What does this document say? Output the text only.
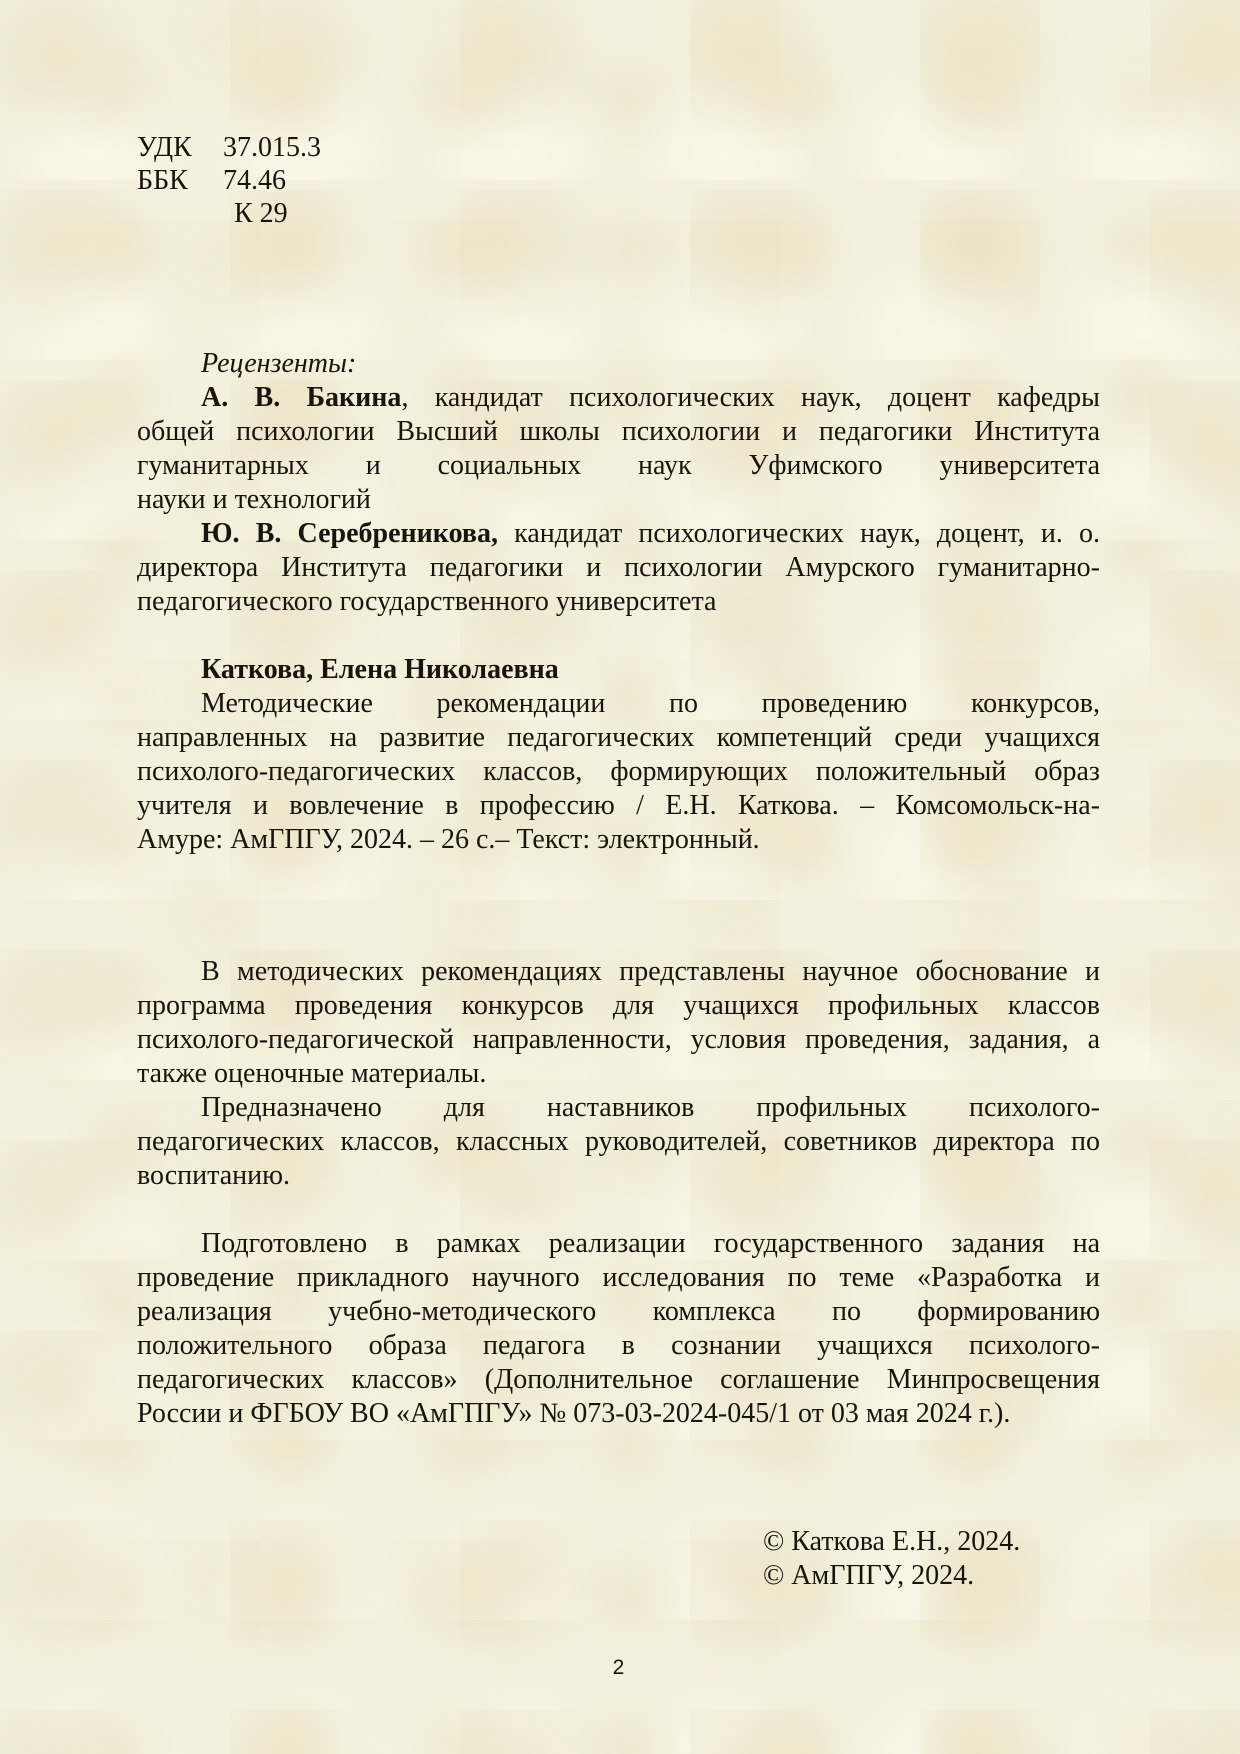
УДК	37.015.3
ББК	74.46
К 29
Рецензенты:
А. В. Бакина, кандидат психологических наук, доцент кафедры
общей психологии Высший школы психологии и педагогики Института
гуманитарных и социальных наук Уфимского университета
науки и технологий
Ю. В. Серебреникова, кандидат психологических наук, доцент, и. о.
директора Института педагогики и психологии Амурского гуманитарно-
педагогического государственного университета
Каткова, Елена Николаевна
Методические рекомендации по проведению конкурсов,
направленных на развитие педагогических компетенций среди учащихся
психолого-педагогических классов, формирующих положительный образ
учителя и вовлечение в профессию / Е.Н. Каткова. – Комсомольск-на-
Амуре: АмГПГУ, 2024. – 26 с.– Текст: электронный.
В методических рекомендациях представлены научное обоснование и
программа проведения конкурсов для учащихся профильных классов
психолого-педагогической направленности, условия проведения, задания, а
также оценочные материалы.
Предназначено для наставников профильных психолого-
педагогических классов, классных руководителей, советников директора по
воспитанию.
Подготовлено в рамках реализации государственного задания на
проведение прикладного научного исследования по теме «Разработка и
реализация учебно-методического комплекса по формированию
положительного образа педагога в сознании учащихся психолого-
педагогических классов» (Дополнительное соглашение Минпросвещения
России и ФГБОУ ВО «АмГПГУ» № 073-03-2024-045/1 от 03 мая 2024 г.).
© Каткова Е.Н., 2024.
© АмГПГУ, 2024.
2
